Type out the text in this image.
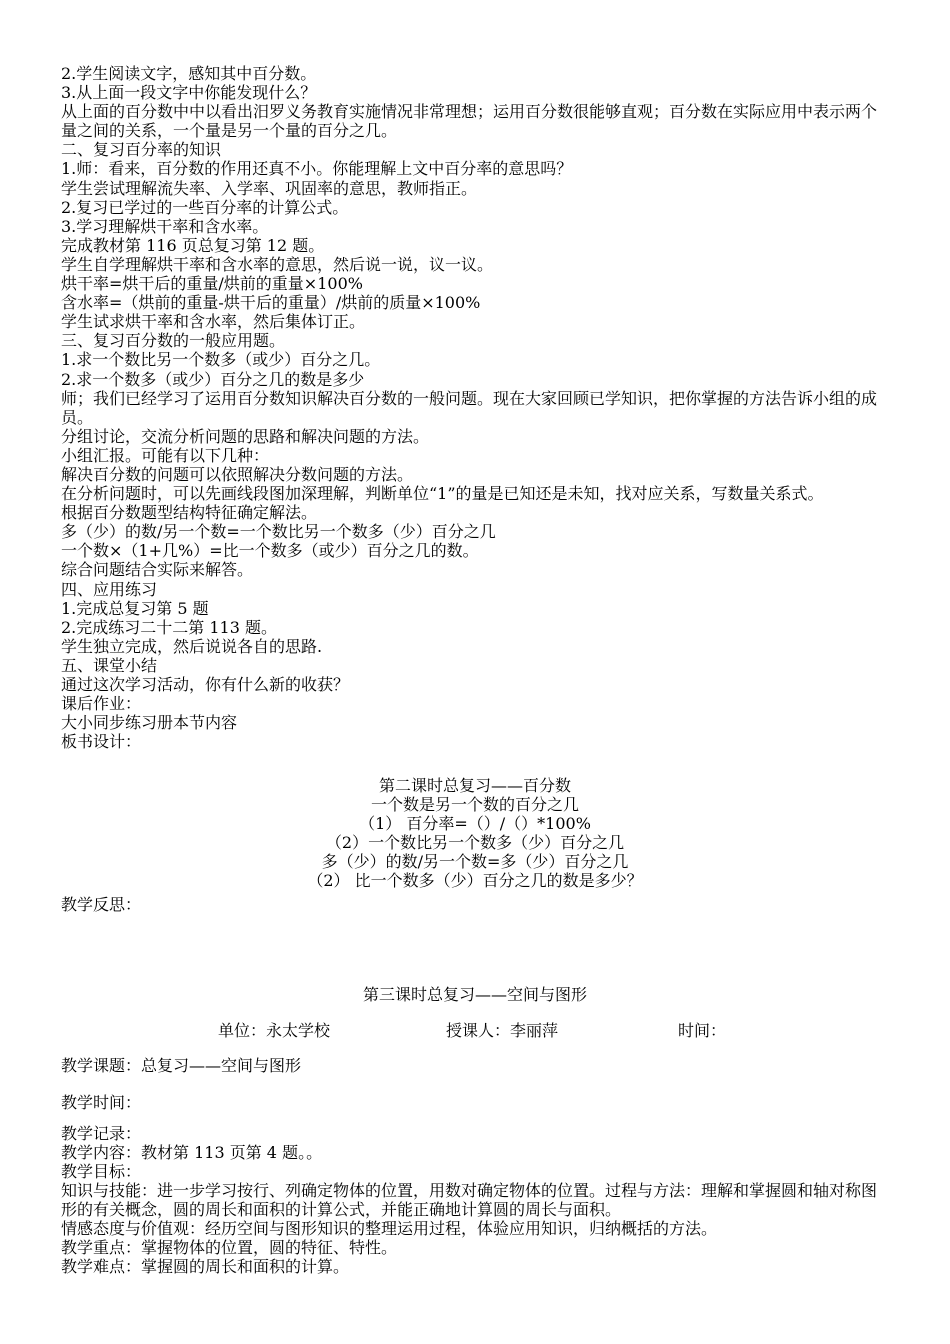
2.学生阅读文字，感知其中百分数。
3.从上面一段文字中你能发现什么？
从上面的百分数中中以看出汨罗义务教育实施情况非常理想；运用百分数很能够直观；百分数在实际应用中表示两个量之间的关系，一个量是另一个量的百分之几。
二、复习百分率的知识
1.师：看来，百分数的作用还真不小。你能理解上文中百分率的意思吗？
学生尝试理解流失率、入学率、巩固率的意思，教师指正。
2.复习已学过的一些百分率的计算公式。
3.学习理解烘干率和含水率。
完成教材第 116 页总复习第 12 题。
学生自学理解烘干率和含水率的意思，然后说一说，议一议。
烘干率=烘干后的重量/烘前的重量×100%
含水率=（烘前的重量-烘干后的重量）/烘前的质量×100%
学生试求烘干率和含水率，然后集体订正。
三、复习百分数的一般应用题。
1.求一个数比另一个数多（或少）百分之几。
2.求一个数多（或少）百分之几的数是多少
师；我们已经学习了运用百分数知识解决百分数的一般问题。现在大家回顾已学知识，把你掌握的方法告诉小组的成员。
分组讨论，交流分析问题的思路和解决问题的方法。
小组汇报。可能有以下几种：
解决百分数的问题可以依照解决分数问题的方法。
在分析问题时，可以先画线段图加深理解，判断单位“1”的量是已知还是未知，找对应关系，写数量关系式。
根据百分数题型结构特征确定解法。
多（少）的数/另一个数=一个数比另一个数多（少）百分之几
一个数×（1+几%）=比一个数多（或少）百分之几的数。
综合问题结合实际来解答。
四、应用练习
1.完成总复习第 5 题
2.完成练习二十二第 113 题。
学生独立完成，然后说说各自的思路.
五、课堂小结
通过这次学习活动，你有什么新的收获？
课后作业：
大小同步练习册本节内容
板书设计：
第二课时总复习——百分数
一个数是另一个数的百分之几
（1） 百分率=（）/（）*100%
（2）一个数比另一个数多（少）百分之几
多（少）的数/另一个数=多（少）百分之几
（2） 比一个数多（少）百分之几的数是多少？
教学反思：
第三课时总复习——空间与图形
单位：永太学校	授课人：李丽萍	时间：
教学课题：总复习——空间与图形
教学时间：
教学记录：
教学内容：教材第 113 页第 4 题。。
教学目标：
知识与技能：进一步学习按行、列确定物体的位置，用数对确定物体的位置。过程与方法：理解和掌握圆和轴对称图形的有关概念，圆的周长和面积的计算公式，并能正确地计算圆的周长与面积。
情感态度与价值观：经历空间与图形知识的整理运用过程，体验应用知识，归纳概括的方法。
教学重点：掌握物体的位置，圆的特征、特性。
教学难点：掌握圆的周长和面积的计算。
